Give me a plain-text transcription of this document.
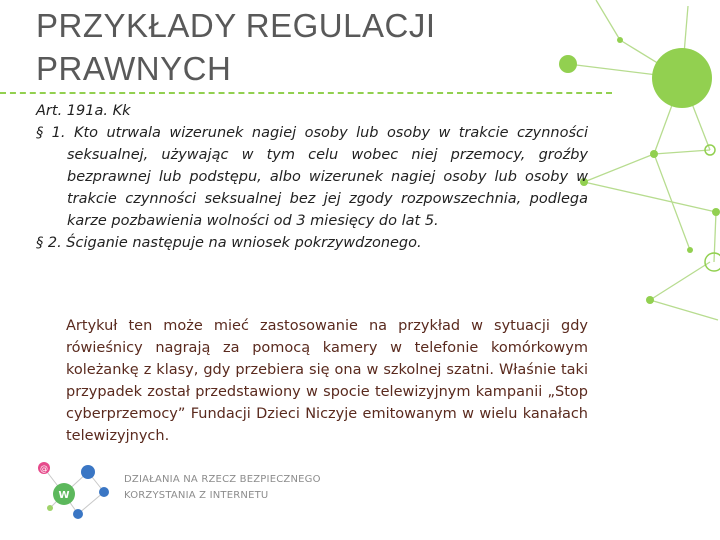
PRZYKŁADY REGULACJI PRAWNYCH
Art. 191a. Kk
§ 1. Kto utrwala wizerunek nagiej osoby lub osoby w trakcie czynności seksualnej, używając w tym celu wobec niej przemocy, groźby bezprawnej lub podstępu, albo wizerunek nagiej osoby lub osoby w trakcie czynności seksualnej bez jej zgody rozpowszechnia, podlega karze pozbawienia wolności od 3 miesięcy do lat 5.
§ 2. Ściganie następuje na wniosek pokrzywdzonego.
Artykuł ten może mieć zastosowanie na przykład w sytuacji gdy rówieśnicy nagrają za pomocą kamery w telefonie komórkowym koleżankę z klasy, gdy przebiera się ona w szkolnej szatni. Właśnie taki przypadek został przedstawiony w spocie telewizyjnym kampanii „Stop cyberprzemocy” Fundacji Dzieci Niczyje emitowanym w wielu kanałach telewizyjnych.
@
W
DZIAŁANIA NA RZECZ BEZPIECZNEGO
KORZYSTANIA Z INTERNETU
